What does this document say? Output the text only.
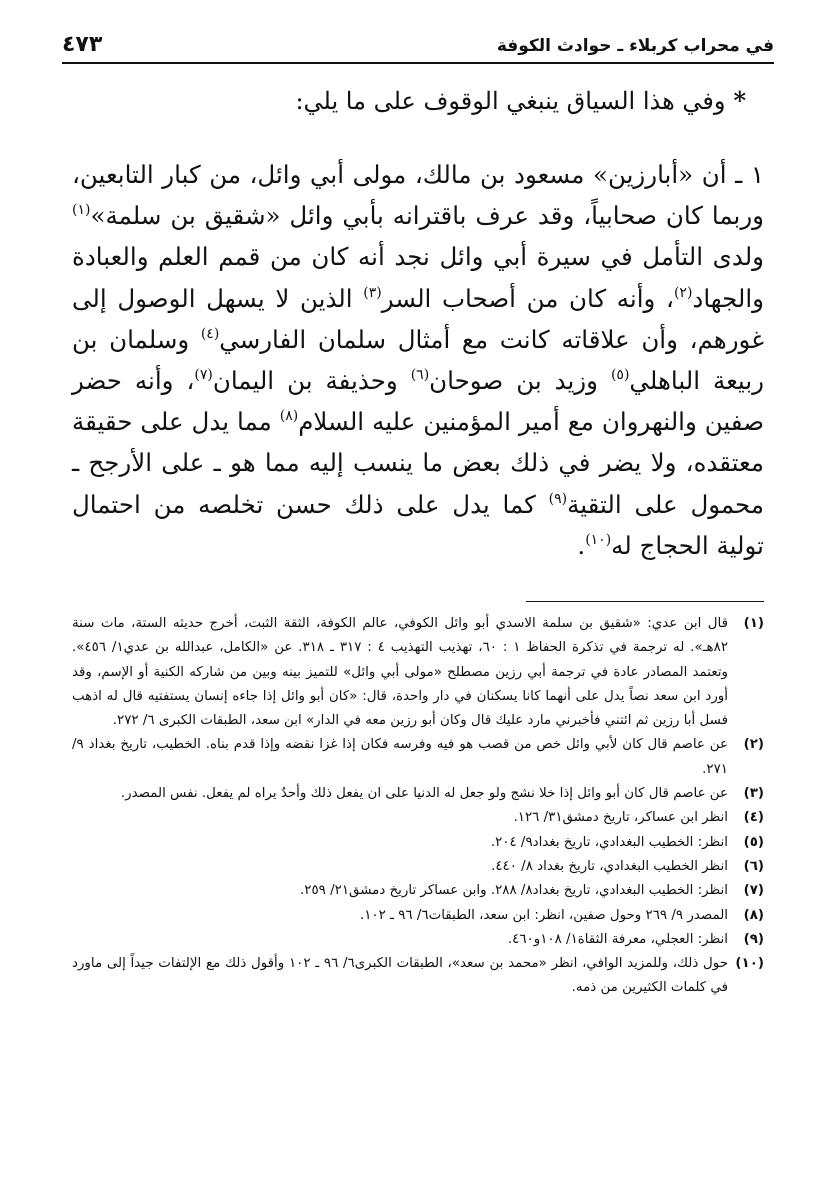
في محراب كربلاء ـ حوادث الكوفة
٤٧٣
*وفي هذا السياق ينبغي الوقوف على ما يلي:
١ ـ أن «أبارزين» مسعود بن مالك، مولى أبي وائل، من كبار التابعين، وربما كان صحابياً، وقد عرف باقترانه بأبي وائل «شقيق بن سلمة»$^{(١)}$ ولدى التأمل في سيرة أبي وائل نجد أنه كان من قمم العلم والعبادة والجهاد$^{(٢)}$، وأنه كان من أصحاب السر$^{(٣)}$ الذين لا يسهل الوصول إلى غورهم، وأن علاقاته كانت مع أمثال سلمان الفارسي$^{(٤)}$ وسلمان بن ربيعة الباهلي$^{(٥)}$ وزيد بن صوحان$^{(٦)}$ وحذيفة بن اليمان$^{(٧)}$، وأنه حضر صفين والنهروان مع أمير المؤمنين عليه السلام$^{(٨)}$ مما يدل على حقيقة معتقده، ولا يضر في ذلك بعض ما ينسب إليه مما هو ـ على الأرجح ـ محمول على التقية$^{(٩)}$ كما يدل على ذلك حسن تخلصه من احتمال تولية الحجاج له$^{(١٠)}$.
(١)
قال ابن عدي: «شقيق بن سلمة الاسدي أبو وائل الكوفي، عالم الكوفة، الثقة الثبت، أخرج حديثه الستة، مات سنة ٨٢هـ». له ترجمة في تذكرة الحفاظ ١ : ٦٠، تهذيب التهذيب ٤ : ٣١٧ ـ ٣١٨. عن «الكامل، عبدالله بن عدي١/ ٤٥٦». وتعتمد المصادر عادة في ترجمة أبي رزين مصطلح «مولى أبي وائل» للتميز بينه وبين من شاركه الكنية أو الإسم، وقد أورد ابن سعد نصاً يدل على أنهما كانا يسكنان في دار واحدة، قال: «كان أبو وائل إذا جاءه إنسان يستفتيه قال له اذهب فسل أبا رزين ثم ائتني فأخبرني مارد عليك قال وكان أبو رزين معه في الدار» ابن سعد، الطبقات الكبرى ٦/ ٢٧٢.
(٢)
عن عاصم قال كان لأبي وائل خص من قصب هو فيه وفرسه فكان إذا غزا نقضه وإذا قدم بناه. الخطيب، تاريخ بغداد ٩/ ٢٧١.
(٣)
عن عاصم قال كان أبو وائل إذا خلا نشج ولو جعل له الدنيا على ان يفعل ذلك وأحدٌ يراه لم يفعل. نفس المصدر.
(٤)
انظر ابن عساكر، تاريخ دمشق٣١/ ١٢٦.
(٥)
انظر: الخطيب البغدادي، تاريخ بغداد٩/ ٢٠٤.
(٦)
انظر الخطيب البغدادي، تاريخ بغداد ٨/ ٤٤٠.
(٧)
انظر: الخطيب البغدادي، تاريخ بغداد٨/ ٢٨٨. وابن عساكر تاريخ دمشق٢١/ ٢٥٩.
(٨)
المصدر ٩/ ٢٦٩ وحول صفين، انظر: ابن سعد، الطبقات٦/ ٩٦ ـ ١٠٢.
(٩)
انظر: العجلي، معرفة الثقاة١/ ١٠٨و٤٦٠.
(١٠)
حول ذلك، وللمزيد الوافي، انظر «محمد بن سعد»، الطبقات الكبرى٦/ ٩٦ ـ ١٠٢ وأقول ذلك مع الإلتفات جيداً إلى ماورد في كلمات الكثيرين من ذمه.
